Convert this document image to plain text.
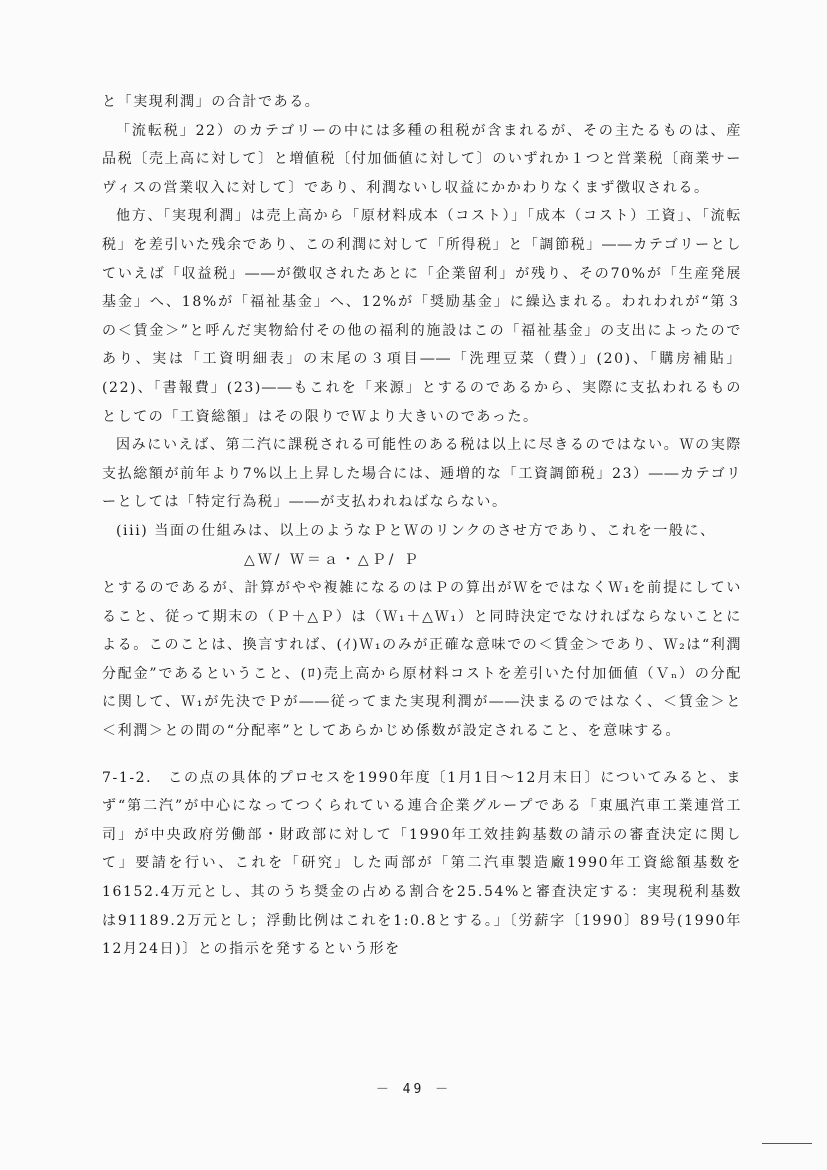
と「実現利潤」の合計である。

「流転税」22）のカテゴリーの中には多種の租税が含まれるが、その主たるものは、産品税〔売上高に対して〕と増値税〔付加価値に対して〕のいずれか１つと営業税〔商業サーヴィスの営業収入に対して〕であり、利潤ないし収益にかかわりなくまず徴収される。

他方、「実現利潤」は売上高から「原材料成本（コスト）」「成本（コスト）工資」、「流転税」を差引いた残余であり、この利潤に対して「所得税」と「調節税」――カテゴリーとしていえば「収益税」――が徴収されたあとに「企業留利」が残り、その70%が「生産発展基金」へ、18%が「福祉基金」へ、12%が「奨励基金」に繰込まれる。われわれが“第３の＜賃金＞”と呼んだ実物給付その他の福利的施設はこの「福祉基金」の支出によったのであり、実は「工資明細表」の末尾の３項目――「洗理豆菜（費）」(20)、「購房補貼」(22)、「書報費」(23)――もこれを「来源」とするのであるから、実際に支払われるものとしての「工資総額」はその限りでＷより大きいのであった。

因みにいえば、第二汽に課税される可能性のある税は以上に尽きるのではない。Ｗの実際支払総額が前年より7%以上上昇した場合には、逓増的な「工資調節税」23）――カテゴリーとしては「特定行為税」――が支払われねばならない。

(iii) 当面の仕組みは、以上のようなＰとＷのリンクのさせ方であり、これを一般に、

△Ｗ/ Ｗ＝ａ・△Ｐ/ Ｐ

とするのであるが、計算がやや複雑になるのはＰの算出がＷをではなくＷ₁を前提にしていること、従って期末の（Ｐ＋△Ｐ）は（Ｗ₁＋△Ｗ₁）と同時決定でなければならないことによる。このことは、換言すれば、(ｲ)Ｗ₁のみが正確な意味での＜賃金＞であり、Ｗ₂は“利潤分配金”であるということ、(ﾛ)売上高から原材料コストを差引いた付加価値（Ｖₙ）の分配に関して、Ｗ₁が先決でＰが――従ってまた実現利潤が――決まるのではなく、＜賃金＞と＜利潤＞との間の“分配率”としてあらかじめ係数が設定されること、を意味する。

7-1-2.　この点の具体的プロセスを1990年度〔1月1日～12月末日〕についてみると、まず“第二汽”が中心になってつくられている連合企業グループである「東風汽車工業連営工司」が中央政府労働部・財政部に対して「1990年工效挂鈎基数の請示の審査決定に関して」要請を行い、これを「研究」した両部が「第二汽車製造廠1990年工資総額基数を16152.4万元とし、其のうち奨金の占める割合を25.54%と審査決定する：実現税利基数は91189.2万元とし；浮動比例はこれを1:0.8とする。」〔労薪字〔1990〕89号(1990年12月24日)〕との指示を発するという形を

－ 49 －
